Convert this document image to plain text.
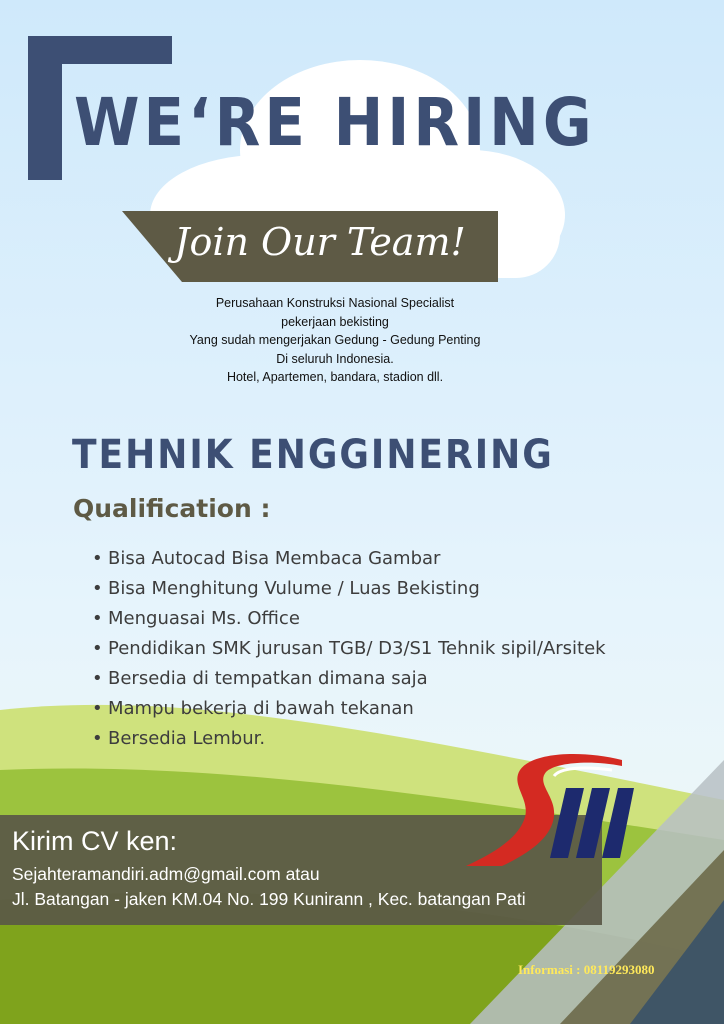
WE‘RE HIRING
Join Our Team!
Perusahaan Konstruksi Nasional Specialist
pekerjaan bekisting
Yang sudah mengerjakan Gedung - Gedung Penting
Di seluruh Indonesia.
Hotel, Apartemen, bandara, stadion dll.
TEHNIK ENGGINERING
Qualification :
• Bisa Autocad Bisa Membaca Gambar
• Bisa Menghitung Vulume / Luas Bekisting
• Menguasai Ms. Office
• Pendidikan SMK jurusan TGB/ D3/S1 Tehnik sipil/Arsitek
• Bersedia di tempatkan dimana saja
• Mampu bekerja di bawah tekanan
• Bersedia Lembur.
Kirim CV ken:
Sejahteramandiri.adm@gmail.com atau
Jl. Batangan - jaken KM.04 No. 199 Kunirann , Kec. batangan Pati
Informasi : 08119293080
